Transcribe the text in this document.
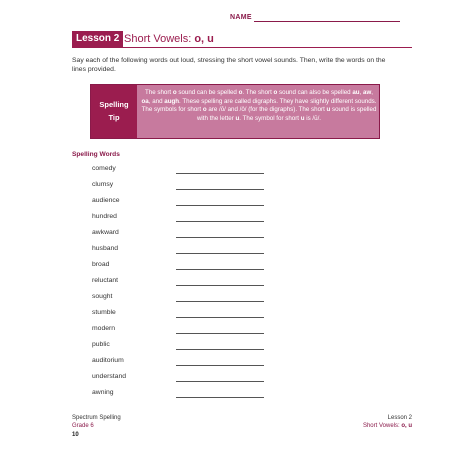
NAME
Lesson 2 Short Vowels: o, u

Say each of the following words out loud, stressing the short vowel sounds. Then, write the words on the lines provided.

Spelling
Tip
The short o sound can be spelled o. The short o sound can also be spelled au, aw, oa, and augh. These spelling are called digraphs. They have slightly different sounds. The symbols for short o are /ŏ/ and /ô/ (for the digraphs). The short u sound is spelled with the letter u. The symbol for short u is /ŭ/.
Spelling Words
comedy
clumsy
audience
hundred
awkward
husband
broad
reluctant
sought
stumble
modern
public
auditorium
understand
awning
Spectrum Spelling
Grade 6
10
Lesson 2
Short Vowels: o, u
